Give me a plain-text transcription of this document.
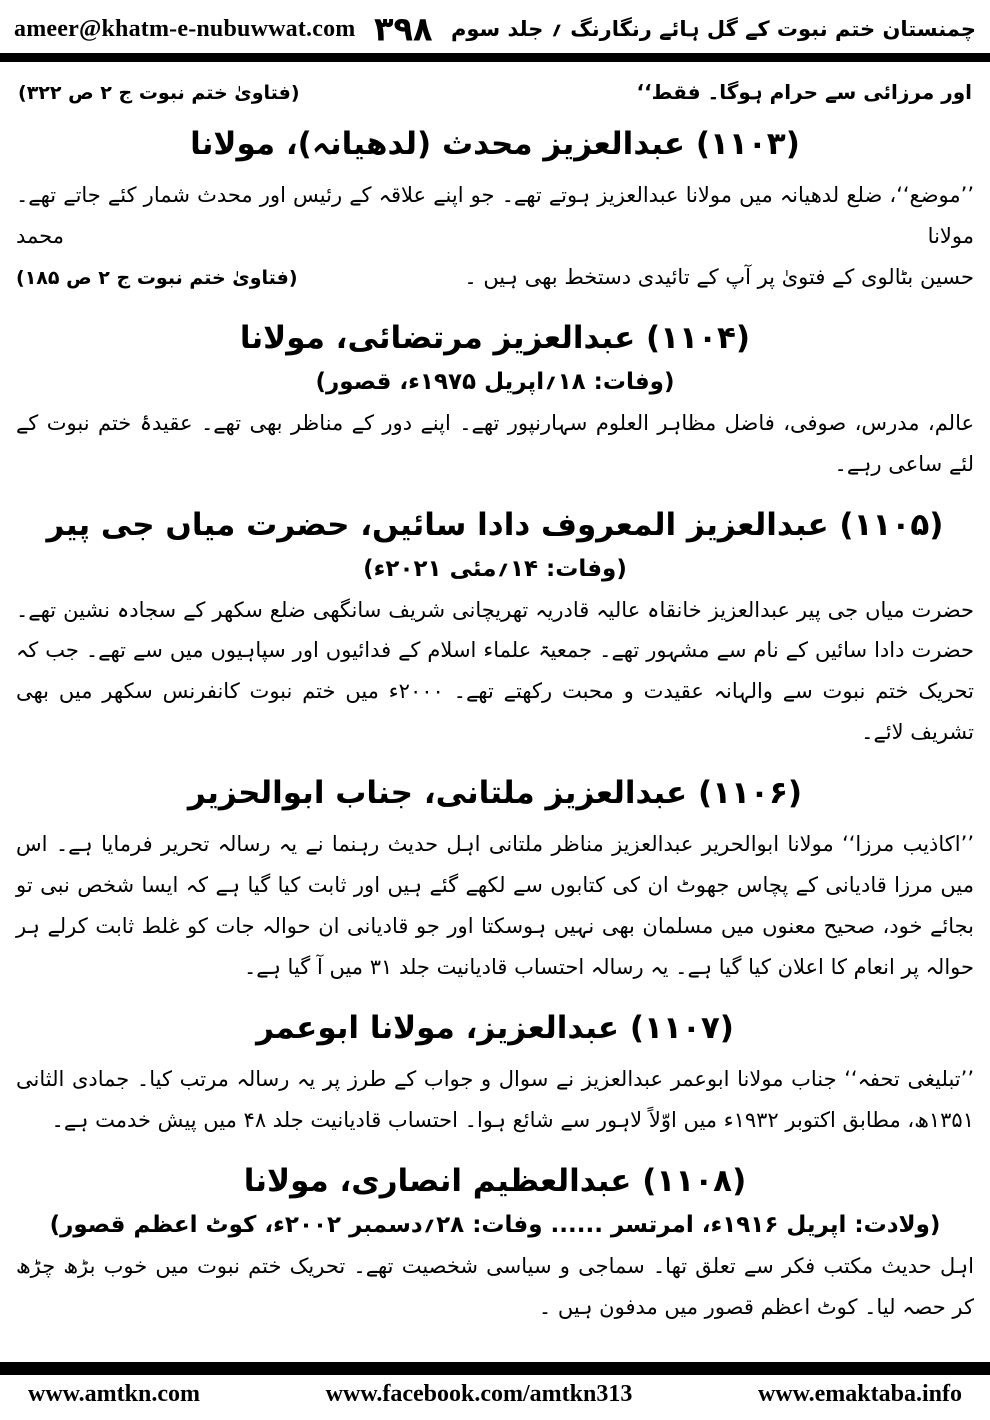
ameer@khatm-e-nubuwwat.com ۳۹۸ چمنستان ختم نبوت کے گل ہائے رنگارنگ ؍ جلد سوم
اور مرزائی سے حرام ہوگا۔ فقط‘‘
(فتاویٰ ختم نبوت ج ۲ ص ۳۲۲)
(۱۱۰۳) عبدالعزیز محدث (لدھیانہ)، مولانا

’’موضع‘‘، ضلع لدھیانہ میں مولانا عبدالعزیز ہوتے تھے۔ جو اپنے علاقہ کے رئیس اور محدث شمار کئے جاتے تھے۔ مولانا محمد

حسین بٹالوی کے فتویٰ پر آپ کے تائیدی دستخط بھی ہیں ۔
(فتاویٰ ختم نبوت ج ۲ ص ۱۸۵)
(۱۱۰۴) عبدالعزیز مرتضائی، مولانا
(وفات: ۱۸؍اپریل ۱۹۷۵ء، قصور)

عالم، مدرس، صوفی، فاضل مظاہر العلوم سہارنپور تھے۔ اپنے دور کے مناظر بھی تھے۔ عقیدۂ ختم نبوت کے لئے ساعی رہے۔

(۱۱۰۵) عبدالعزیز المعروف دادا سائیں، حضرت میاں جی پیر
(وفات: ۱۴؍مئی ۲۰۲۱ء)

حضرت میاں جی پیر عبدالعزیز خانقاہ عالیہ قادریہ تھریچانی شریف سانگھی ضلع سکھر کے سجادہ نشین تھے۔ حضرت دادا سائیں کے نام سے مشہور تھے۔ جمعیۃ علماء اسلام کے فدائیوں اور سپاہیوں میں سے تھے۔ جب کہ تحریک ختم نبوت سے والہانہ عقیدت و محبت رکھتے تھے۔ ۲۰۰۰ء میں ختم نبوت کانفرنس سکھر میں بھی تشریف لائے۔

(۱۱۰۶) عبدالعزیز ملتانی، جناب ابوالحزیر

’’اکاذیب مرزا‘‘ مولانا ابوالحریر عبدالعزیز مناظر ملتانی اہل حدیث رہنما نے یہ رسالہ تحریر فرمایا ہے۔ اس میں مرزا قادیانی کے پچاس جھوٹ ان کی کتابوں سے لکھے گئے ہیں اور ثابت کیا گیا ہے کہ ایسا شخص نبی تو بجائے خود، صحیح معنوں میں مسلمان بھی نہیں ہوسکتا اور جو قادیانی ان حوالہ جات کو غلط ثابت کرلے ہر حوالہ پر انعام کا اعلان کیا گیا ہے۔ یہ رسالہ احتساب قادیانیت جلد ۳۱ میں آ گیا ہے۔

(۱۱۰۷) عبدالعزیز، مولانا ابوعمر

’’تبلیغی تحفہ‘‘ جناب مولانا ابوعمر عبدالعزیز نے سوال و جواب کے طرز پر یہ رسالہ مرتب کیا۔ جمادی الثانی ۱۳۵۱ھ، مطابق اکتوبر ۱۹۳۲ء میں اوّلاً لاہور سے شائع ہوا۔ احتساب قادیانیت جلد ۴۸ میں پیش خدمت ہے۔

(۱۱۰۸) عبدالعظیم انصاری، مولانا
(ولادت: اپریل ۱۹۱۶ء، امرتسر ...... وفات: ۲۸؍دسمبر ۲۰۰۲ء، کوٹ اعظم قصور)

اہل حدیث مکتب فکر سے تعلق تھا۔ سماجی و سیاسی شخصیت تھے۔ تحریک ختم نبوت میں خوب بڑھ چڑھ کر حصہ لیا۔ کوٹ اعظم قصور میں مدفون ہیں ۔

www.amtkn.com	www.facebook.com/amtkn313	www.emaktaba.info
